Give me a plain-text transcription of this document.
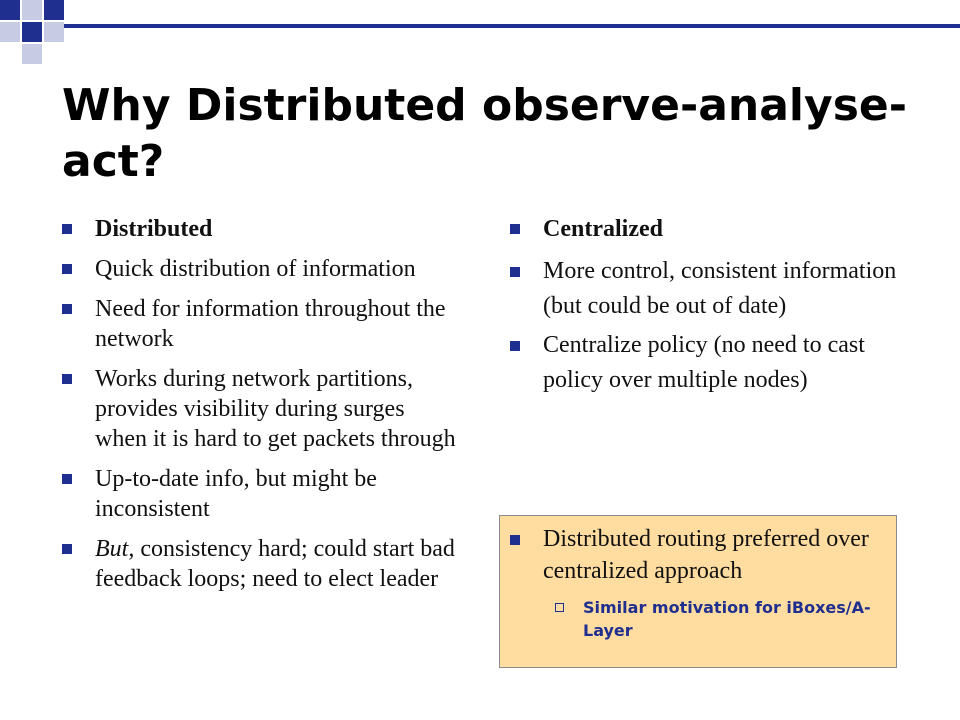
Why Distributed observe-analyse-act?
Distributed
Quick distribution of information
Need for information throughout the network
Works during network partitions, provides visibility during surges when it is hard to get packets through
Up-to-date info, but might be inconsistent
But, consistency hard; could start bad feedback loops; need to elect leader
Centralized
More control, consistent information (but could be out of date)
Centralize policy (no need to cast policy over multiple nodes)
Distributed routing preferred over centralized approach
Similar motivation for iBoxes/A-Layer
